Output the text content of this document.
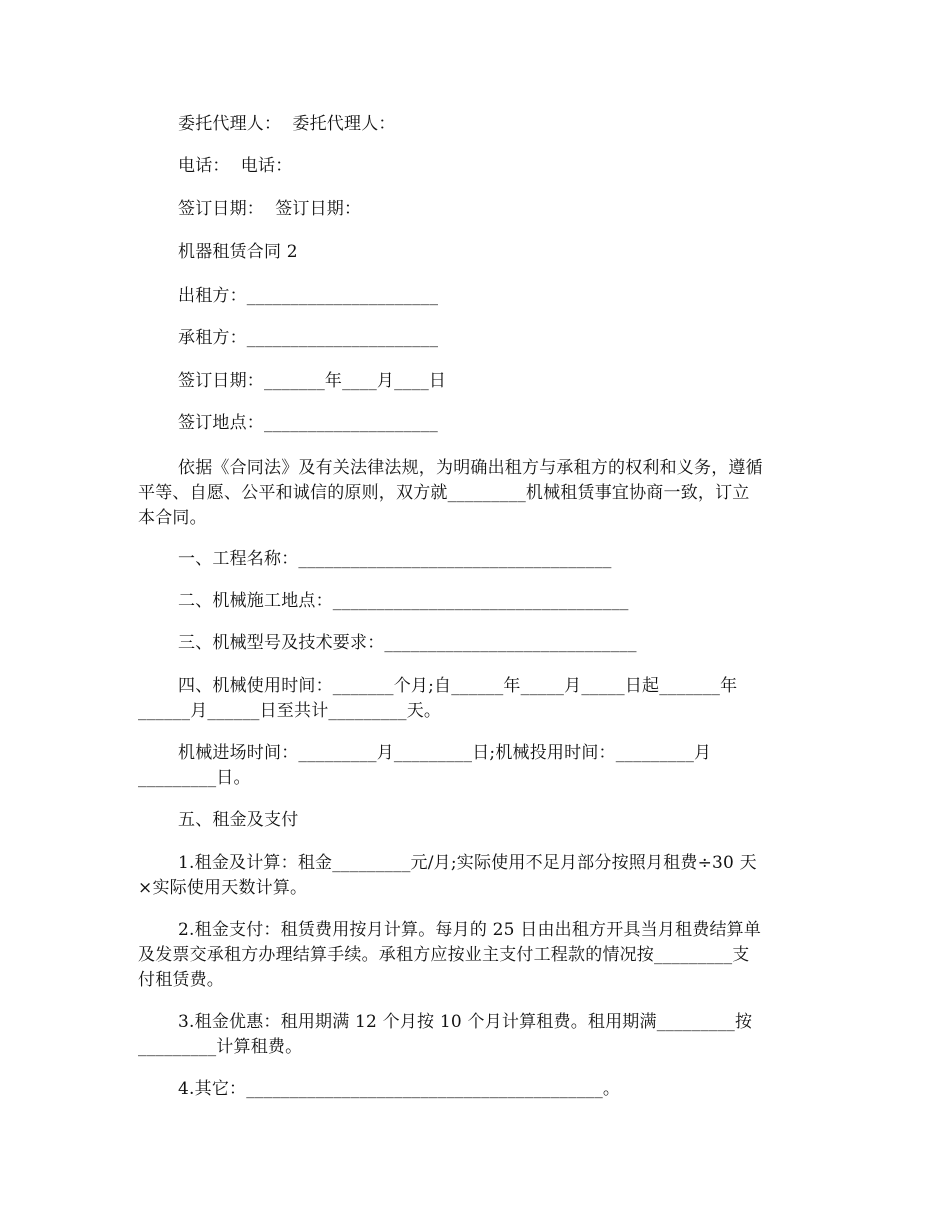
委托代理人：  委托代理人：
电话：  电话：
签订日期：  签订日期：
机器租赁合同 2
出租方：______________________
承租方：______________________
签订日期：_______年____月____日
签订地点：____________________
依据《合同法》及有关法律法规，为明确出租方与承租方的权利和义务，遵循
平等、自愿、公平和诚信的原则，双方就_________机械租赁事宜协商一致，订立
本合同。
一、工程名称：____________________________________
二、机械施工地点：__________________________________
三、机械型号及技术要求：_____________________________
四、机械使用时间：_______个月;自______年_____月_____日起_______年
______月______日至共计_________天。
机械进场时间：_________月_________日;机械投用时间：_________月
_________日。
五、租金及支付
1.租金及计算：租金_________元/月;实际使用不足月部分按照月租费÷30 天
×实际使用天数计算。
2.租金支付：租赁费用按月计算。每月的 25 日由出租方开具当月租费结算单
及发票交承租方办理结算手续。承租方应按业主支付工程款的情况按_________支
付租赁费。
3.租金优惠：租用期满 12 个月按 10 个月计算租费。租用期满_________按
_________计算租费。
4.其它：_________________________________________。
